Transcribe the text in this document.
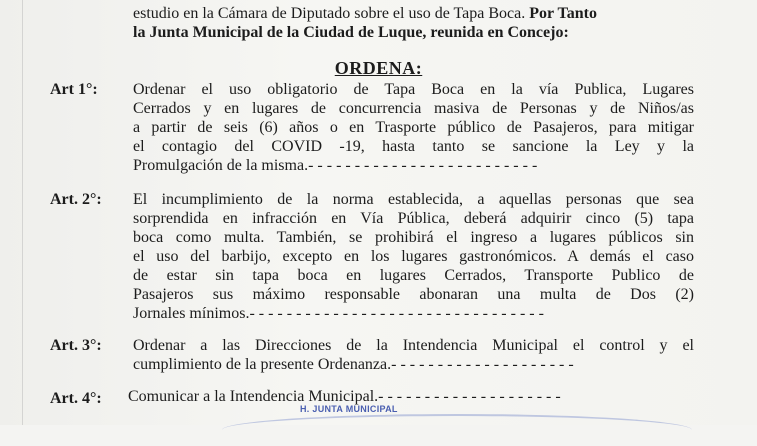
estudio en la Cámara de Diputado sobre el uso de Tapa Boca. Por Tanto
la Junta Municipal de la Ciudad de Luque, reunida en Concejo:
ORDENA:
Art 1°: Ordenar el uso obligatorio de Tapa Boca en la vía Publica, Lugares
Cerrados y en lugares de concurrencia masiva de Personas y de Niños/as
a partir de seis (6) años o en Trasporte público de Pasajeros, para mitigar
el contagio del COVID -19, hasta tanto se sancione la Ley y la
Promulgación de la misma.- - - - - - - - - - - - - - - - - - - - - - - - -
Art. 2°: El incumplimiento de la norma establecida, a aquellas personas que sea
sorprendida en infracción en Vía Pública, deberá adquirir cinco (5) tapa
boca como multa. También, se prohibirá el ingreso a lugares públicos sin
el uso del barbijo, excepto en los lugares gastronómicos. A demás el caso
de estar sin tapa boca en lugares Cerrados, Transporte Publico de
Pasajeros sus máximo responsable abonaran una multa de Dos (2)
Jornales mínimos.- - - - - - - - - - - - - - - - - - - - - - - - - - - - - - - -
Art. 3°: Ordenar a las Direcciones de la Intendencia Municipal el control y el
cumplimiento de la presente Ordenanza.- - - - - - - - - - - - - - - - - - - -
Art. 4°: Comunicar a la Intendencia Municipal.- - - - - - - - - - - - - - - - - - - -
H. JUNTA MUNICIPAL
